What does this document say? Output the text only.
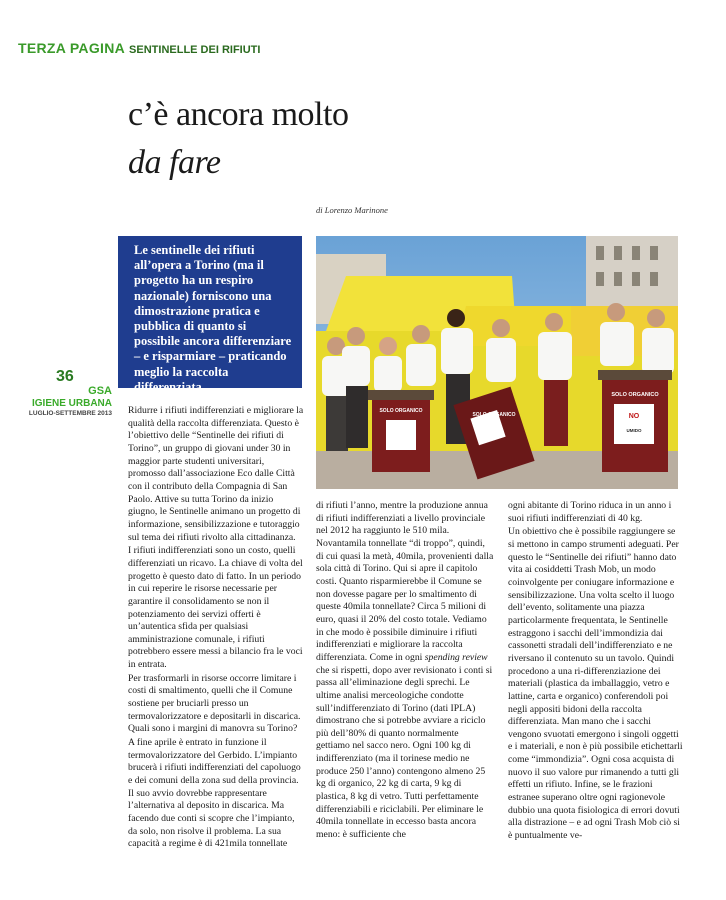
TERZA PAGINA SENTINELLE DEI RIFIUTI
c’è ancora molto
da fare
di Lorenzo Marinone

Le sentinelle dei rifiuti all’opera a Torino (ma il progetto ha un respiro nazionale) forniscono una dimostrazione pratica e pubblica di quanto si possibile ancora differenziare – e risparmiare – praticando meglio la raccolta differenziata.

36
GSA
IGIENE URBANA
LUGLIO-SETTEMBRE 2013 Ridurre i rifiuti indifferenziati e migliorare la qualità della raccolta differenziata. Questo è l’obiettivo delle “Sentinelle dei rifiuti di Torino”, un gruppo di giovani under 30 in maggior parte studenti universitari, promosso dall’associazione Eco dalle Città con il contributo della Compagnia di San Paolo. Attive su tutta Torino da inizio giugno, le Sentinelle animano un progetto di informazione, sensibilizzazione e tutoraggio sul tema dei rifiuti rivolto alla cittadinanza.

I rifiuti indifferenziati sono un costo, quelli differenziati un ricavo. La chiave di volta del progetto è questo dato di fatto. In un periodo in cui reperire le risorse necessarie per garantire il consolidamento se non il potenziamento dei servizi offerti è un’autentica sfida per qualsiasi amministrazione comunale, i rifiuti potrebbero essere messi a bilancio fra le voci in entrata.

Per trasformarli in risorse occorre limitare i costi di smaltimento, quelli che il Comune sostiene per bruciarli presso un termovalorizzatore e depositarli in discarica. Quali sono i margini di manovra su Torino?

A fine aprile è entrato in funzione il termovalorizzatore del Gerbido. L’impianto brucerà i rifiuti indifferenziati del capoluogo e dei comuni della zona sud della provincia. Il suo avvio dovrebbe rappresentare l’alternativa al deposito in discarica. Ma facendo due conti si scopre che l’impianto, da solo, non risolve il problema. La sua capacità a regime è di 421mila tonnellate

di rifiuti l’anno, mentre la produzione annua di rifiuti indifferenziati a livello provinciale nel 2012 ha raggiunto le 510 mila. Novantamila tonnellate “di troppo”, quindi, di cui quasi la metà, 40mila, provenienti dalla sola città di Torino. Qui si apre il capitolo costi. Quanto risparmierebbe il Comune se non dovesse pagare per lo smaltimento di queste 40mila tonnellate? Circa 5 milioni di euro, quasi il 20% del costo totale. Vediamo in che modo è possibile diminuire i rifiuti indifferenziati e migliorare la raccolta differenziata. Come in ogni spending review che si rispetti, dopo aver revisionato i conti si passa all’eliminazione degli sprechi. Le ultime analisi merceologiche condotte sull’indifferenziato di Torino (dati IPLA) dimostrano che si potrebbe avviare a riciclo più dell’80% di quanto normalmente gettiamo nel sacco nero. Ogni 100 kg di indifferenziato (ma il torinese medio ne produce 250 l’anno) contengono almeno 25 kg di organico, 22 kg di carta, 9 kg di plastica, 8 kg di vetro. Tutti perfettamente differenziabili e riciclabili. Per eliminare le 40mila tonnellate in eccesso basta ancora meno: è sufficiente che

ogni abitante di Torino riduca in un anno i suoi rifiuti indifferenziati di 40 kg.

Un obiettivo che è possibile raggiungere se si mettono in campo strumenti adeguati. Per questo le “Sentinelle dei rifiuti” hanno dato vita ai cosiddetti Trash Mob, un modo coinvolgente per coniugare informazione e sensibilizzazione. Una volta scelto il luogo dell’evento, solitamente una piazza particolarmente frequentata, le Sentinelle estraggono i sacchi dell’immondizia dai cassonetti stradali dell’indifferenziato e ne riversano il contenuto su un tavolo. Quindi procedono a una ri-differenziazione dei materiali (plastica da imballaggio, vetro e lattine, carta e organico) conferendoli poi negli appositi bidoni della raccolta differenziata. Man mano che i sacchi vengono svuotati emergono i singoli oggetti e i materiali, e non è più possibile etichettarli come “immondizia”. Ogni cosa acquista di nuovo il suo valore pur rimanendo a tutti gli effetti un rifiuto. Infine, se le frazioni estranee superano oltre ogni ragionevole dubbio una quota fisiologica di errori dovuti alla distrazione – e ad ogni Trash Mob ciò si è puntualmente ve-

SOLO ORGANICO
NO
SOLO ORGANICO
SOLO ORGANICO
UMIDO
